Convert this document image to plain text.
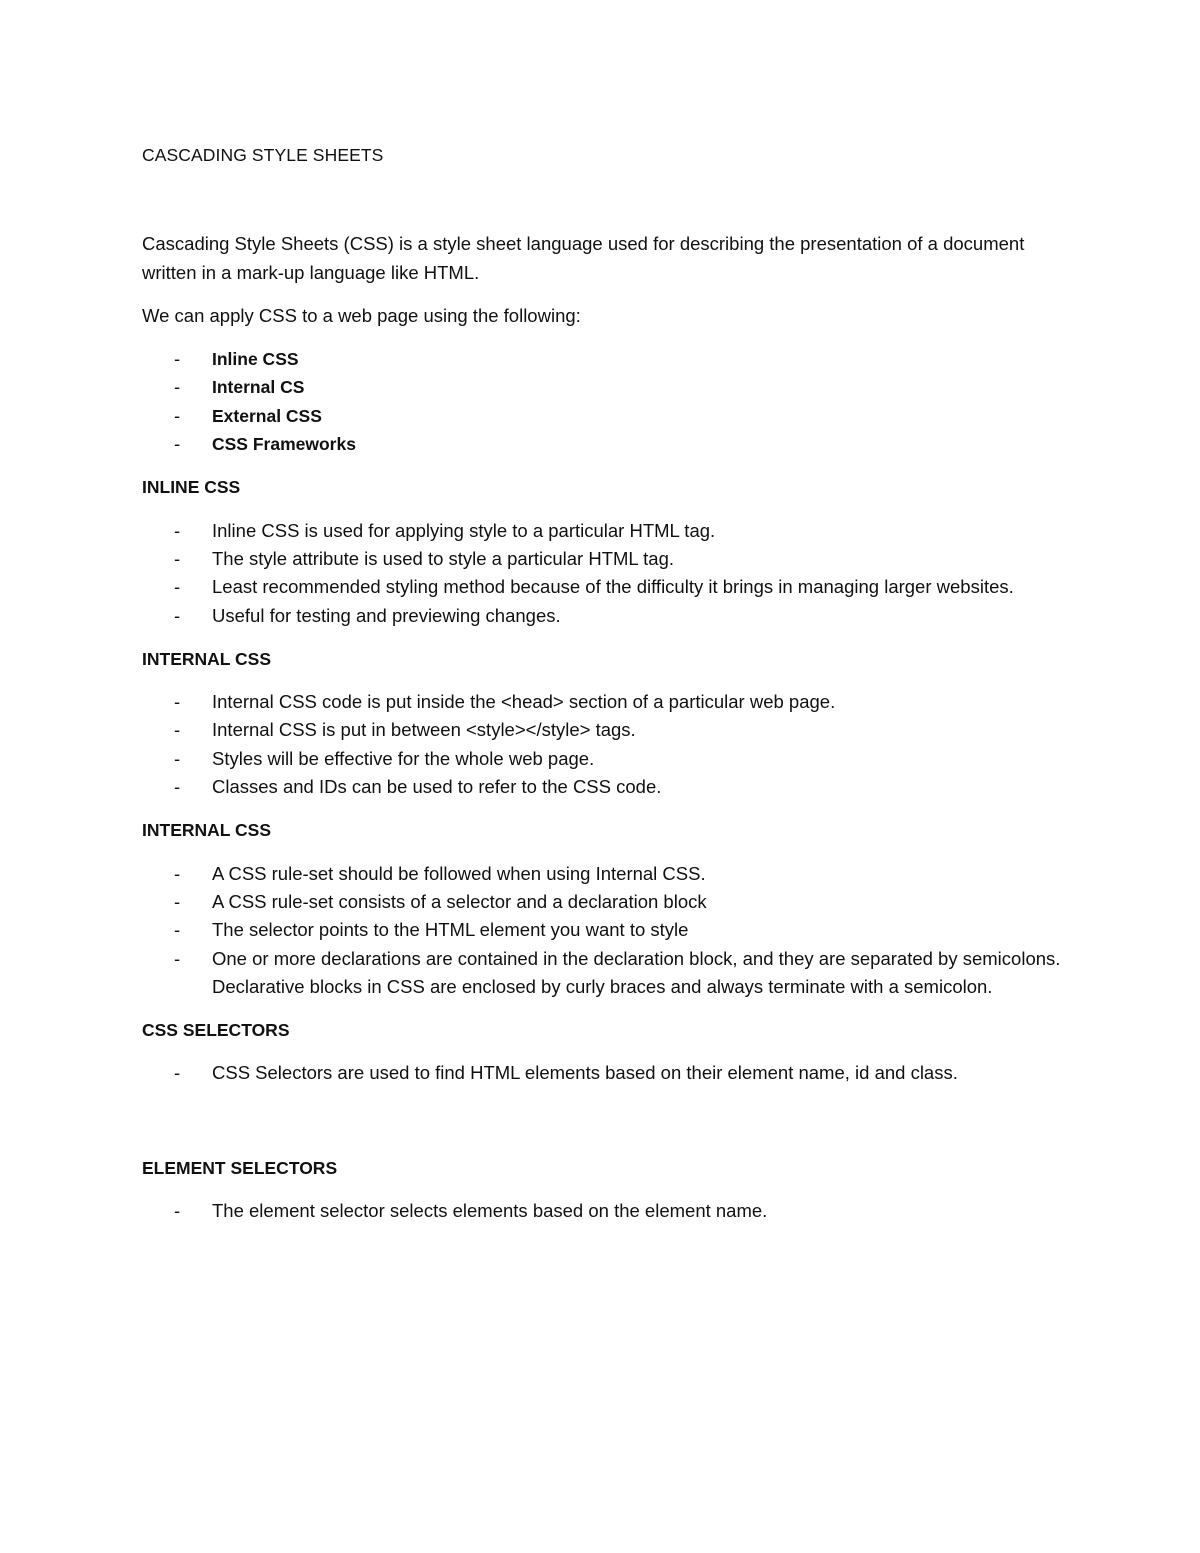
CASCADING STYLE SHEETS

Cascading Style Sheets (CSS) is a style sheet language used for describing the presentation of a document written in a mark-up language like HTML.

We can apply CSS to a web page using the following:

- Inline CSS
- Internal CS
- External CSS
- CSS Frameworks
INLINE CSS
- Inline CSS is used for applying style to a particular HTML tag.
- The style attribute is used to style a particular HTML tag.
- Least recommended styling method because of the difficulty it brings in managing larger websites.
- Useful for testing and previewing changes.
INTERNAL CSS
- Internal CSS code is put inside the <head> section of a particular web page.
- Internal CSS is put in between <style></style> tags.
- Styles will be effective for the whole web page.
- Classes and IDs can be used to refer to the CSS code.
INTERNAL CSS
- A CSS rule-set should be followed when using Internal CSS.
- A CSS rule-set consists of a selector and a declaration block
- The selector points to the HTML element you want to style
- One or more declarations are contained in the declaration block, and they are separated by semicolons. Declarative blocks in CSS are enclosed by curly braces and always terminate with a semicolon.
CSS SELECTORS
- CSS Selectors are used to find HTML elements based on their element name, id and class.
ELEMENT SELECTORS
- The element selector selects elements based on the element name.
